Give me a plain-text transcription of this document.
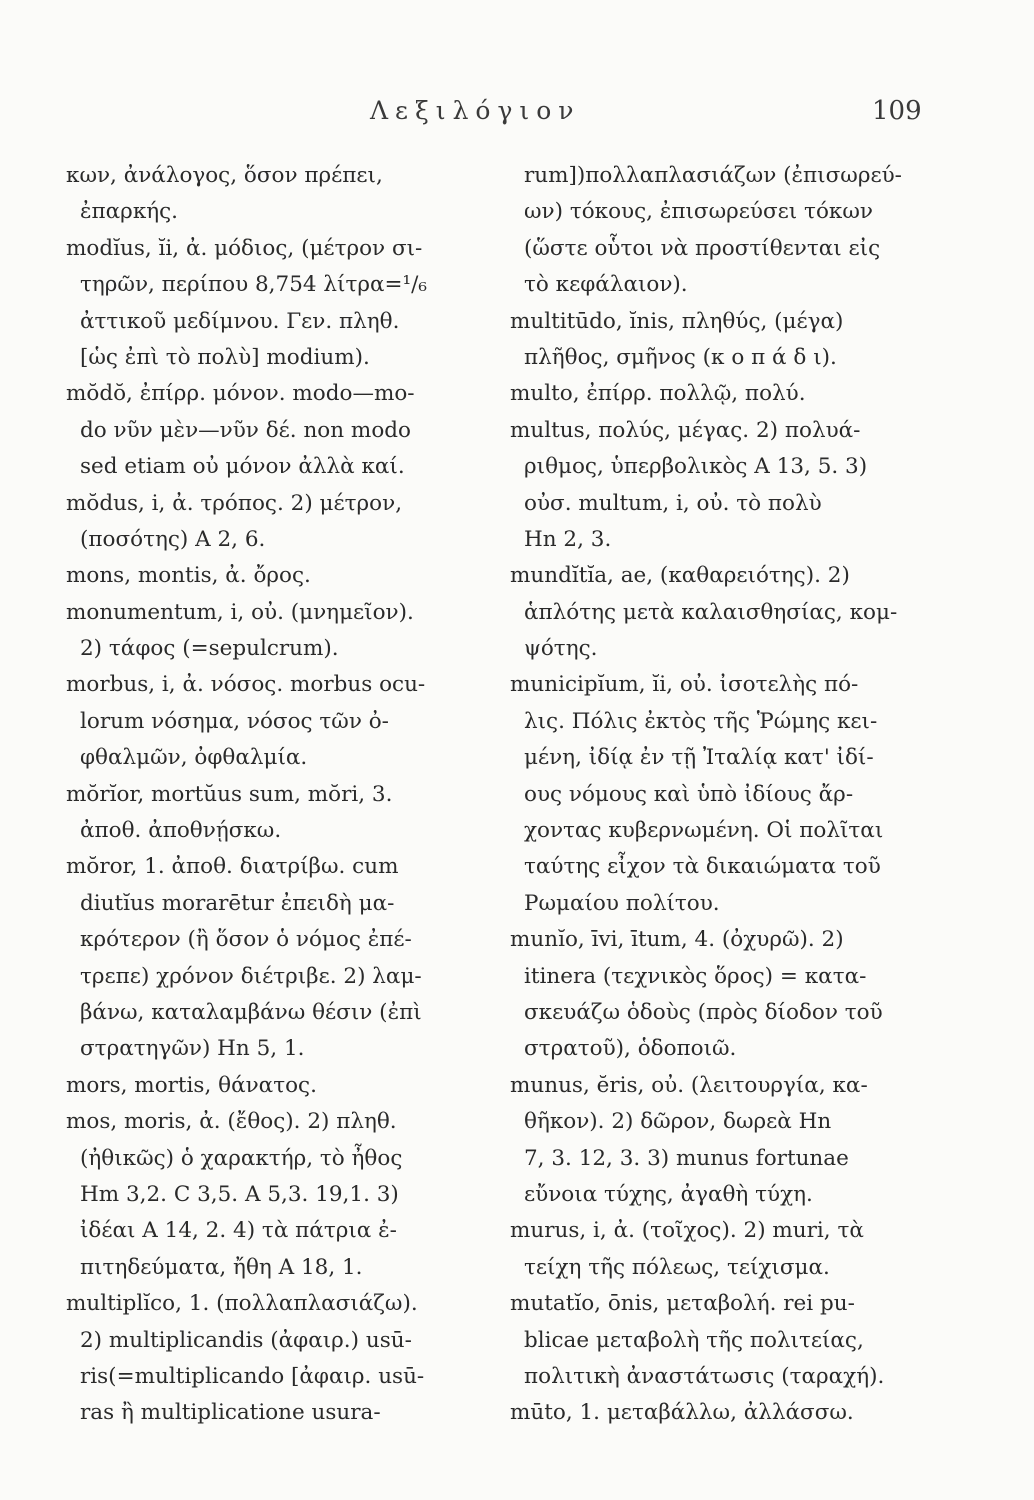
Λεξιλόγιον	109
κων, ἀνάλογος, ὅσον πρέπει,
ἐπαρκής.
modĭus, ĭi, ἀ. μόδιος, (μέτρον σι-
τηρῶν, περίπου 8,754 λίτρα=¹/₆
ἀττικοῦ μεδίμνου. Γεν. πληθ.
[ὡς ἐπὶ τὸ πολὺ] modium).
mŏdŏ, ἐπίρρ. μόνον. modo—mo-
do νῦν μὲν—νῦν δέ. non modo
sed etiam οὐ μόνον ἀλλὰ καί.
mŏdus, i, ἀ. τρόπος. 2) μέτρον,
(ποσότης) Α 2, 6.
mons, montis, ἀ. ὄρος.
monumentum, i, οὐ. (μνημεῖον).
2) τάφος (=sepulcrum).
morbus, i, ἀ. νόσος. morbus ocu-
lorum νόσημα, νόσος τῶν ὀ-
φθαλμῶν, ὀφθαλμία.
mŏrĭor, mortŭus sum, mŏri, 3.
ἀποθ. ἀποθνῄσκω.
mŏror, 1. ἀποθ. διατρίβω. cum
diutĭus morarētur ἐπειδὴ μα-
κρότερον (ἢ ὅσον ὁ νόμος ἐπέ-
τρεπε) χρόνον διέτριβε. 2) λαμ-
βάνω, καταλαμβάνω θέσιν (ἐπὶ
στρατηγῶν) Ηn 5, 1.
mors, mortis, θάνατος.
mos, moris, ἀ. (ἔθος). 2) πληθ.
(ἠθικῶς) ὁ χαρακτήρ, τὸ ἦθος
Ηm 3,2. C 3,5. Α 5,3. 19,1. 3)
ἰδέαι Α 14, 2. 4) τὰ πάτρια ἐ-
πιτηδεύματα, ἤθη Α 18, 1.
multiplĭco, 1. (πολλαπλασιάζω).
2) multiplicandis (ἀφαιρ.) usū-
ris(=multiplicando [ἀφαιρ. usū-
ras ἢ multiplicatione usura-
rum])πολλαπλασιάζων (ἐπισωρεύ-
ων) τόκους, ἐπισωρεύσει τόκων
(ὥστε οὗτοι νὰ προστίθενται εἰς
τὸ κεφάλαιον).
multitūdo, ĭnis, πληθύς, (μέγα)
πλῆθος, σμῆνος (κ ο π ά δ ι).
multo, ἐπίρρ. πολλῷ, πολύ.
multus, πολύς, μέγας. 2) πολυά-
ριθμος, ὑπερβολικὸς Α 13, 5. 3)
οὐσ. multum, i, οὐ. τὸ πολὺ
Ηn 2, 3.
mundĭtĭa, ae, (καθαρειότης). 2)
ἁπλότης μετὰ καλαισθησίας, κομ-
ψότης.
municipĭum, ĭi, οὐ. ἰσοτελὴς πό-
λις. Πόλις ἐκτὸς τῆς Ῥώμης κει-
μένη, ἰδίᾳ ἐν τῇ Ἰταλίᾳ κατ' ἰδί-
ους νόμους καὶ ὑπὸ ἰδίους ἄρ-
χοντας κυβερνωμένη. Οἱ πολῖται
ταύτης εἶχον τὰ δικαιώματα τοῦ
Ρωμαίου πολίτου.
munĭo, īvi, ītum, 4. (ὀχυρῶ). 2)
itinera (τεχνικὸς ὅρος) = κατα-
σκευάζω ὁδοὺς (πρὸς δίοδον τοῦ
στρατοῦ), ὁδοποιῶ.
munus, ĕris, οὐ. (λειτουργία, κα-
θῆκον). 2) δῶρον, δωρεὰ Ηn
7, 3. 12, 3. 3) munus fortunae
εὔνοια τύχης, ἀγαθὴ τύχη.
murus, i, ἀ. (τοῖχος). 2) muri, τὰ
τείχη τῆς πόλεως, τείχισμα.
mutatĭo, ōnis, μεταβολή. rei pu-
blicae μεταβολὴ τῆς πολιτείας,
πολιτικὴ ἀναστάτωσις (ταραχή).
mūto, 1. μεταβάλλω, ἀλλάσσω.
